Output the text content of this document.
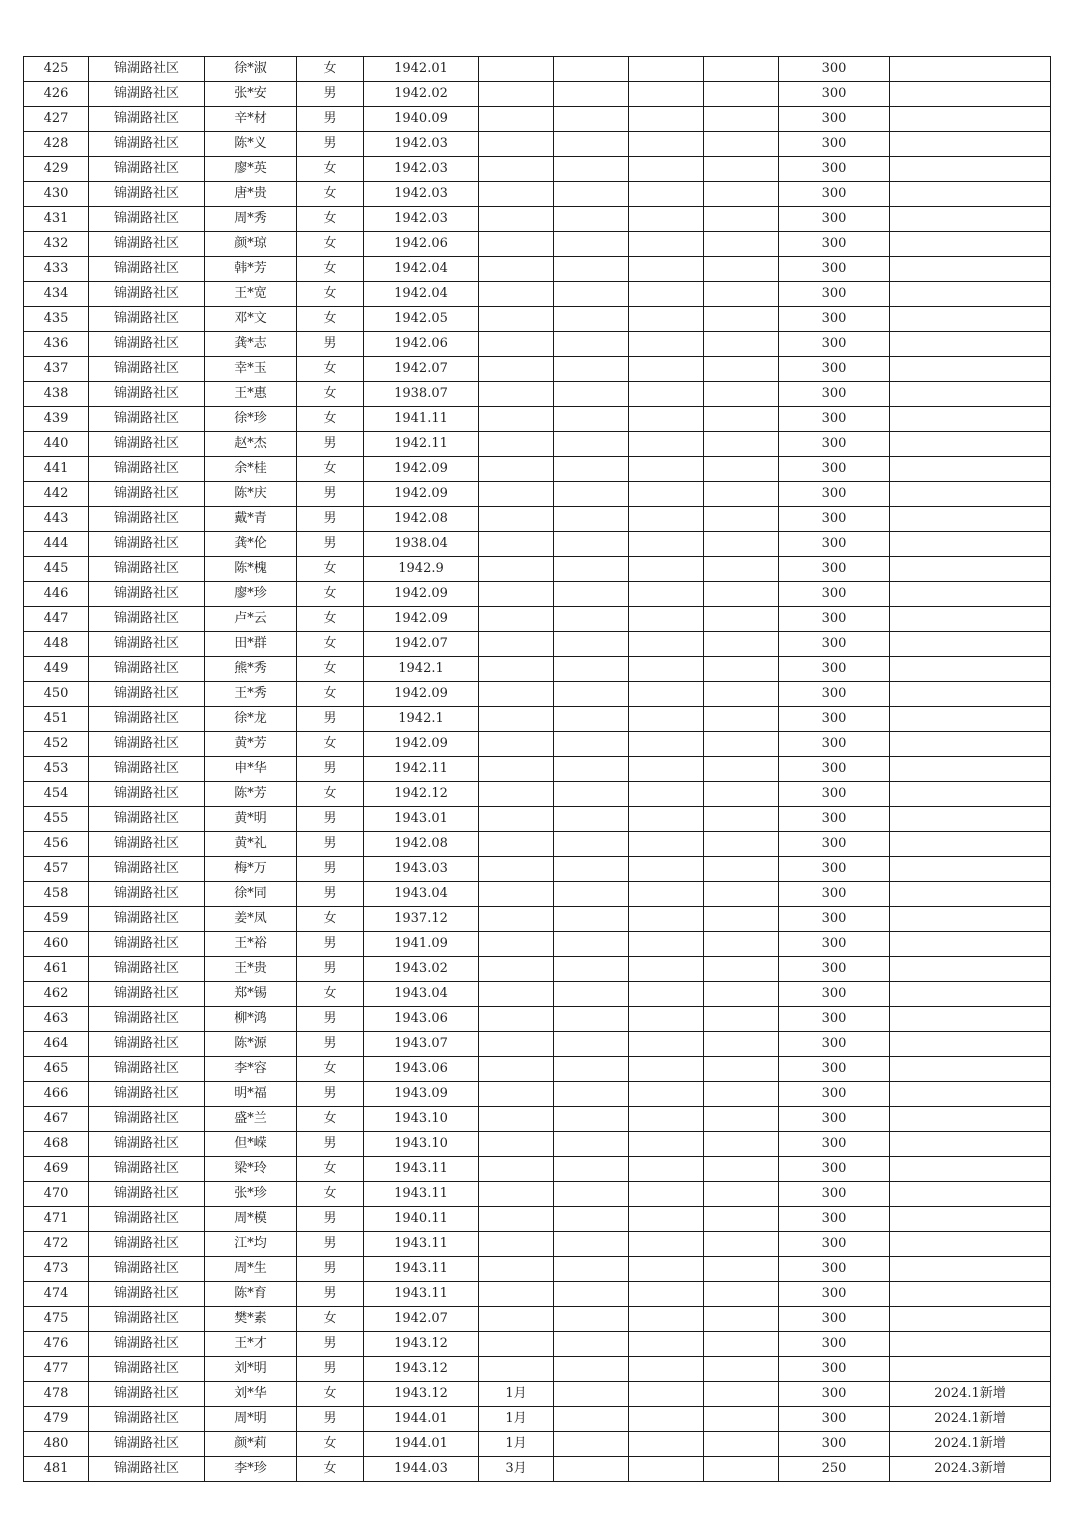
425	锦湖路社区	徐*淑	女	1942.01					300	
426	锦湖路社区	张*安	男	1942.02					300	
427	锦湖路社区	辛*材	男	1940.09					300	
428	锦湖路社区	陈*义	男	1942.03					300	
429	锦湖路社区	廖*英	女	1942.03					300	
430	锦湖路社区	唐*贵	女	1942.03					300	
431	锦湖路社区	周*秀	女	1942.03					300	
432	锦湖路社区	颜*琼	女	1942.06					300	
433	锦湖路社区	韩*芳	女	1942.04					300	
434	锦湖路社区	王*宽	女	1942.04					300	
435	锦湖路社区	邓*文	女	1942.05					300	
436	锦湖路社区	龚*志	男	1942.06					300	
437	锦湖路社区	幸*玉	女	1942.07					300	
438	锦湖路社区	王*惠	女	1938.07					300	
439	锦湖路社区	徐*珍	女	1941.11					300	
440	锦湖路社区	赵*杰	男	1942.11					300	
441	锦湖路社区	余*桂	女	1942.09					300	
442	锦湖路社区	陈*庆	男	1942.09					300	
443	锦湖路社区	戴*青	男	1942.08					300	
444	锦湖路社区	龚*伦	男	1938.04					300	
445	锦湖路社区	陈*槐	女	1942.9					300	
446	锦湖路社区	廖*珍	女	1942.09					300	
447	锦湖路社区	卢*云	女	1942.09					300	
448	锦湖路社区	田*群	女	1942.07					300	
449	锦湖路社区	熊*秀	女	1942.1					300	
450	锦湖路社区	王*秀	女	1942.09					300	
451	锦湖路社区	徐*龙	男	1942.1					300	
452	锦湖路社区	黄*芳	女	1942.09					300	
453	锦湖路社区	申*华	男	1942.11					300	
454	锦湖路社区	陈*芳	女	1942.12					300	
455	锦湖路社区	黄*明	男	1943.01					300	
456	锦湖路社区	黄*礼	男	1942.08					300	
457	锦湖路社区	梅*万	男	1943.03					300	
458	锦湖路社区	徐*同	男	1943.04					300	
459	锦湖路社区	姜*凤	女	1937.12					300	
460	锦湖路社区	王*裕	男	1941.09					300	
461	锦湖路社区	王*贵	男	1943.02					300	
462	锦湖路社区	郑*锡	女	1943.04					300	
463	锦湖路社区	柳*鸿	男	1943.06					300	
464	锦湖路社区	陈*源	男	1943.07					300	
465	锦湖路社区	李*容	女	1943.06					300	
466	锦湖路社区	明*福	男	1943.09					300	
467	锦湖路社区	盛*兰	女	1943.10					300	
468	锦湖路社区	但*嵘	男	1943.10					300	
469	锦湖路社区	梁*玲	女	1943.11					300	
470	锦湖路社区	张*珍	女	1943.11					300	
471	锦湖路社区	周*模	男	1940.11					300	
472	锦湖路社区	江*均	男	1943.11					300	
473	锦湖路社区	周*生	男	1943.11					300	
474	锦湖路社区	陈*育	男	1943.11					300	
475	锦湖路社区	樊*素	女	1942.07					300	
476	锦湖路社区	王*才	男	1943.12					300	
477	锦湖路社区	刘*明	男	1943.12					300	
478	锦湖路社区	刘*华	女	1943.12	1月				300	2024.1新增
479	锦湖路社区	周*明	男	1944.01	1月				300	2024.1新增
480	锦湖路社区	颜*莉	女	1944.01	1月				300	2024.1新增
481	锦湖路社区	李*珍	女	1944.03	3月				250	2024.3新增
